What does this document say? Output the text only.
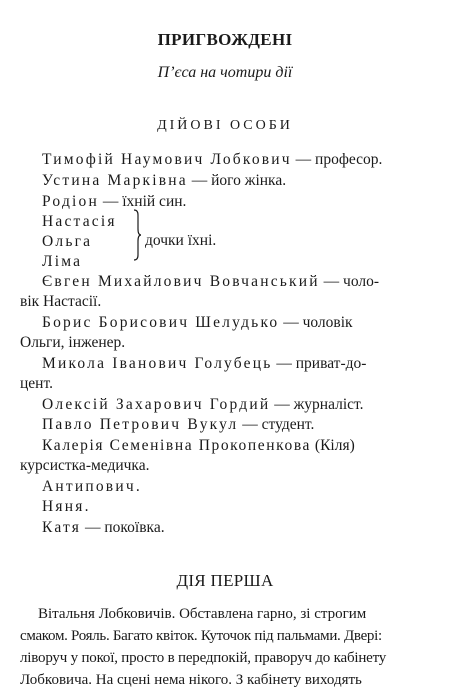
ПРИГВОЖДЕНІ
П’єса на чотири дії
ДІЙОВІ ОСОБИ
Тимофій Наумович Лобкович — професор.
Устина Марківна — його жінка.
Родіон — їхній син.
Настасія
Ольга
Ліма
дочки їхні.
Євген Михайлович Вовчанський — чоло-
вік Настасії.
Борис Борисович Шелудько — чоловік
Ольги, інженер.
Микола Іванович Голубець — приват-до-
цент.
Олексій Захарович Гордий — журналіст.
Павло Петрович Вукул — студент.
Калерія Семенівна Прокопенкова (Кіля)
курсистка-медичка.
Антипович.
Няня.
Катя — покоївка.
ДІЯ ПЕРША
Вітальня Лобковичів. Обставлена гарно, зі строгим
смаком. Рояль. Багато квіток. Куточок під пальмами. Двері:
ліворуч у покої, просто в передпокій, праворуч до кабінету
Лобковича. На сцені нема нікого. З кабінету виходять
